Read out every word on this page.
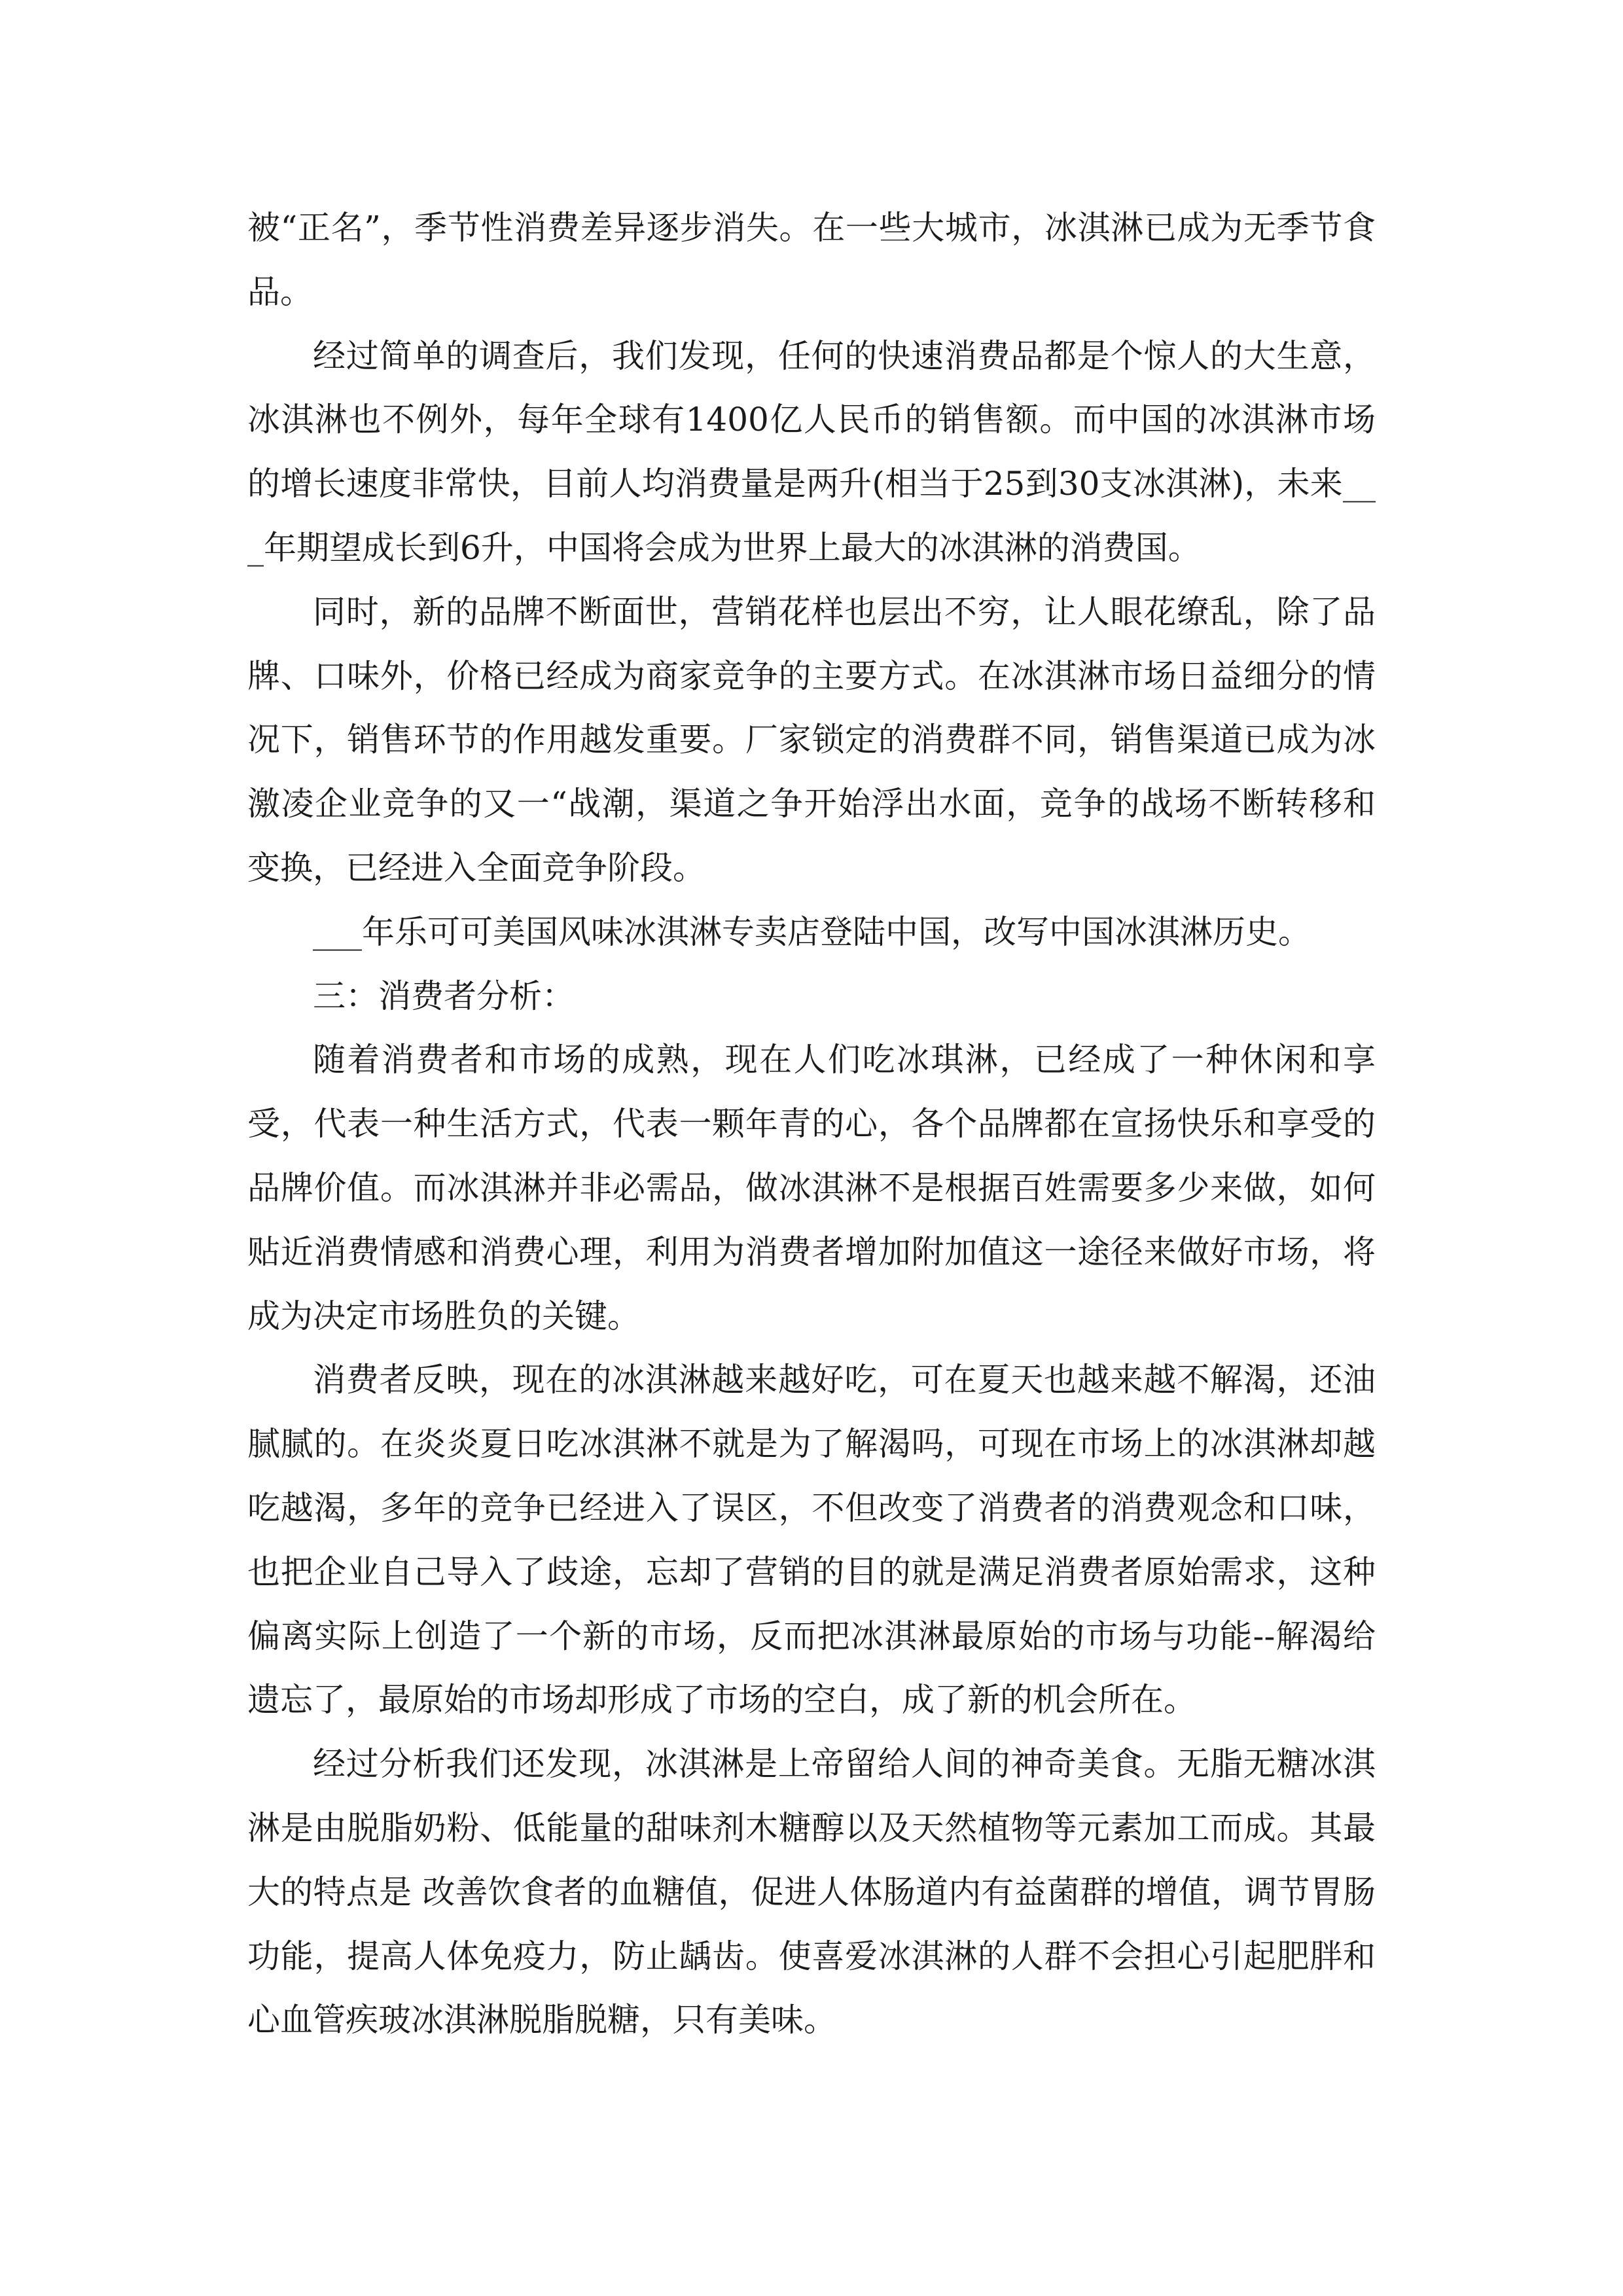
被“正名”，季节性消费差异逐步消失。在一些大城市，冰淇淋已成为无季节食品。

经过简单的调查后，我们发现，任何的快速消费品都是个惊人的大生意，冰淇淋也不例外，每年全球有1400亿人民币的销售额。而中国的冰淇淋市场的增长速度非常快，目前人均消费量是两升(相当于25到30支冰淇淋)，未来___年期望成长到6升，中国将会成为世界上最大的冰淇淋的消费国。

同时，新的品牌不断面世，营销花样也层出不穷，让人眼花缭乱，除了品牌、口味外，价格已经成为商家竞争的主要方式。在冰淇淋市场日益细分的情况下，销售环节的作用越发重要。厂家锁定的消费群不同，销售渠道已成为冰激凌企业竞争的又一“战潮，渠道之争开始浮出水面，竞争的战场不断转移和变换，已经进入全面竞争阶段。

___年乐可可美国风味冰淇淋专卖店登陆中国，改写中国冰淇淋历史。

三：消费者分析：

随着消费者和市场的成熟，现在人们吃冰琪淋，已经成了一种休闲和享受，代表一种生活方式，代表一颗年青的心，各个品牌都在宣扬快乐和享受的品牌价值。而冰淇淋并非必需品，做冰淇淋不是根据百姓需要多少来做，如何贴近消费情感和消费心理，利用为消费者增加附加值这一途径来做好市场，将成为决定市场胜负的关键。

消费者反映，现在的冰淇淋越来越好吃，可在夏天也越来越不解渴，还油腻腻的。在炎炎夏日吃冰淇淋不就是为了解渴吗，可现在市场上的冰淇淋却越吃越渴，多年的竞争已经进入了误区，不但改变了消费者的消费观念和口味，也把企业自己导入了歧途，忘却了营销的目的就是满足消费者原始需求，这种偏离实际上创造了一个新的市场，反而把冰淇淋最原始的市场与功能--解渴给遗忘了，最原始的市场却形成了市场的空白，成了新的机会所在。

经过分析我们还发现，冰淇淋是上帝留给人间的神奇美食。无脂无糖冰淇淋是由脱脂奶粉、低能量的甜味剂木糖醇以及天然植物等元素加工而成。其最大的特点是 改善饮食者的血糖值，促进人体肠道内有益菌群的增值，调节胃肠功能，提高人体免疫力，防止龋齿。使喜爱冰淇淋的人群不会担心引起肥胖和心血管疾玻冰淇淋脱脂脱糖，只有美味。
